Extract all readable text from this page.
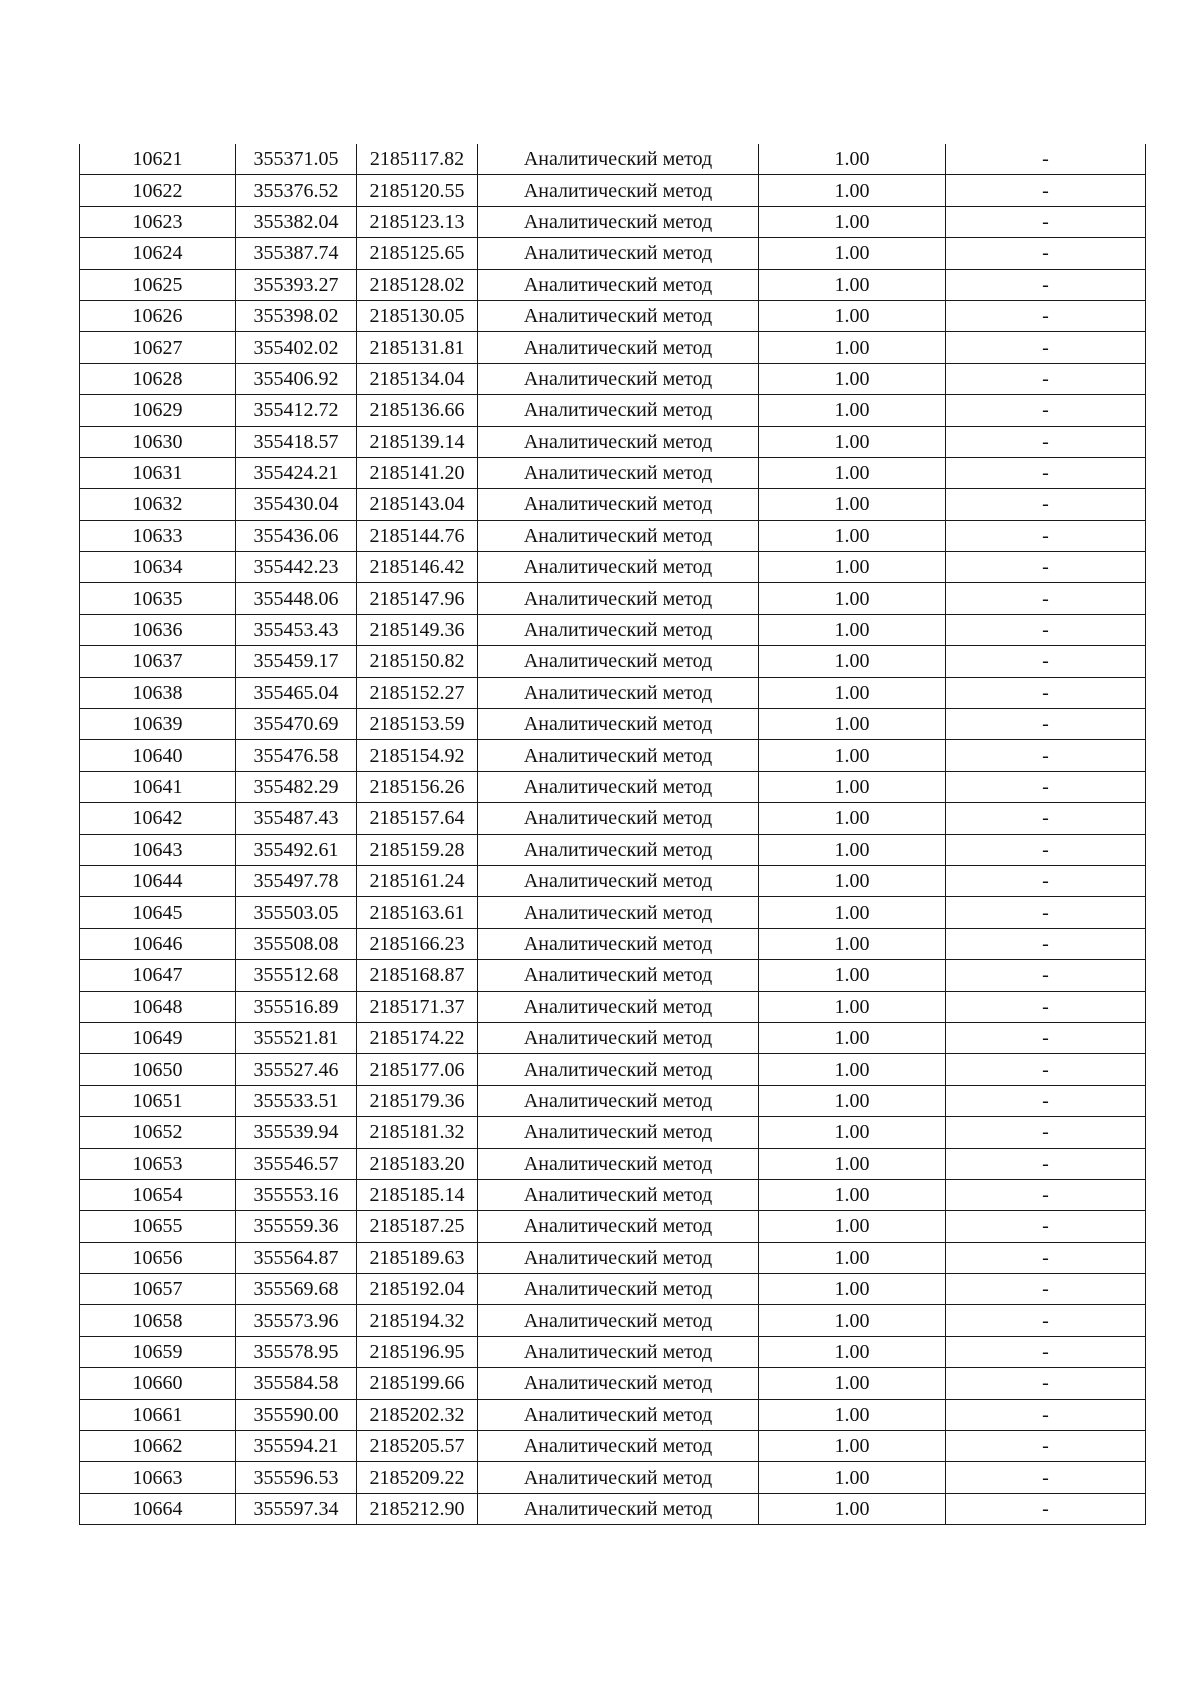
10621	355371.05	2185117.82	Аналитический метод	1.00	-
10622	355376.52	2185120.55	Аналитический метод	1.00	-
10623	355382.04	2185123.13	Аналитический метод	1.00	-
10624	355387.74	2185125.65	Аналитический метод	1.00	-
10625	355393.27	2185128.02	Аналитический метод	1.00	-
10626	355398.02	2185130.05	Аналитический метод	1.00	-
10627	355402.02	2185131.81	Аналитический метод	1.00	-
10628	355406.92	2185134.04	Аналитический метод	1.00	-
10629	355412.72	2185136.66	Аналитический метод	1.00	-
10630	355418.57	2185139.14	Аналитический метод	1.00	-
10631	355424.21	2185141.20	Аналитический метод	1.00	-
10632	355430.04	2185143.04	Аналитический метод	1.00	-
10633	355436.06	2185144.76	Аналитический метод	1.00	-
10634	355442.23	2185146.42	Аналитический метод	1.00	-
10635	355448.06	2185147.96	Аналитический метод	1.00	-
10636	355453.43	2185149.36	Аналитический метод	1.00	-
10637	355459.17	2185150.82	Аналитический метод	1.00	-
10638	355465.04	2185152.27	Аналитический метод	1.00	-
10639	355470.69	2185153.59	Аналитический метод	1.00	-
10640	355476.58	2185154.92	Аналитический метод	1.00	-
10641	355482.29	2185156.26	Аналитический метод	1.00	-
10642	355487.43	2185157.64	Аналитический метод	1.00	-
10643	355492.61	2185159.28	Аналитический метод	1.00	-
10644	355497.78	2185161.24	Аналитический метод	1.00	-
10645	355503.05	2185163.61	Аналитический метод	1.00	-
10646	355508.08	2185166.23	Аналитический метод	1.00	-
10647	355512.68	2185168.87	Аналитический метод	1.00	-
10648	355516.89	2185171.37	Аналитический метод	1.00	-
10649	355521.81	2185174.22	Аналитический метод	1.00	-
10650	355527.46	2185177.06	Аналитический метод	1.00	-
10651	355533.51	2185179.36	Аналитический метод	1.00	-
10652	355539.94	2185181.32	Аналитический метод	1.00	-
10653	355546.57	2185183.20	Аналитический метод	1.00	-
10654	355553.16	2185185.14	Аналитический метод	1.00	-
10655	355559.36	2185187.25	Аналитический метод	1.00	-
10656	355564.87	2185189.63	Аналитический метод	1.00	-
10657	355569.68	2185192.04	Аналитический метод	1.00	-
10658	355573.96	2185194.32	Аналитический метод	1.00	-
10659	355578.95	2185196.95	Аналитический метод	1.00	-
10660	355584.58	2185199.66	Аналитический метод	1.00	-
10661	355590.00	2185202.32	Аналитический метод	1.00	-
10662	355594.21	2185205.57	Аналитический метод	1.00	-
10663	355596.53	2185209.22	Аналитический метод	1.00	-
10664	355597.34	2185212.90	Аналитический метод	1.00	-
